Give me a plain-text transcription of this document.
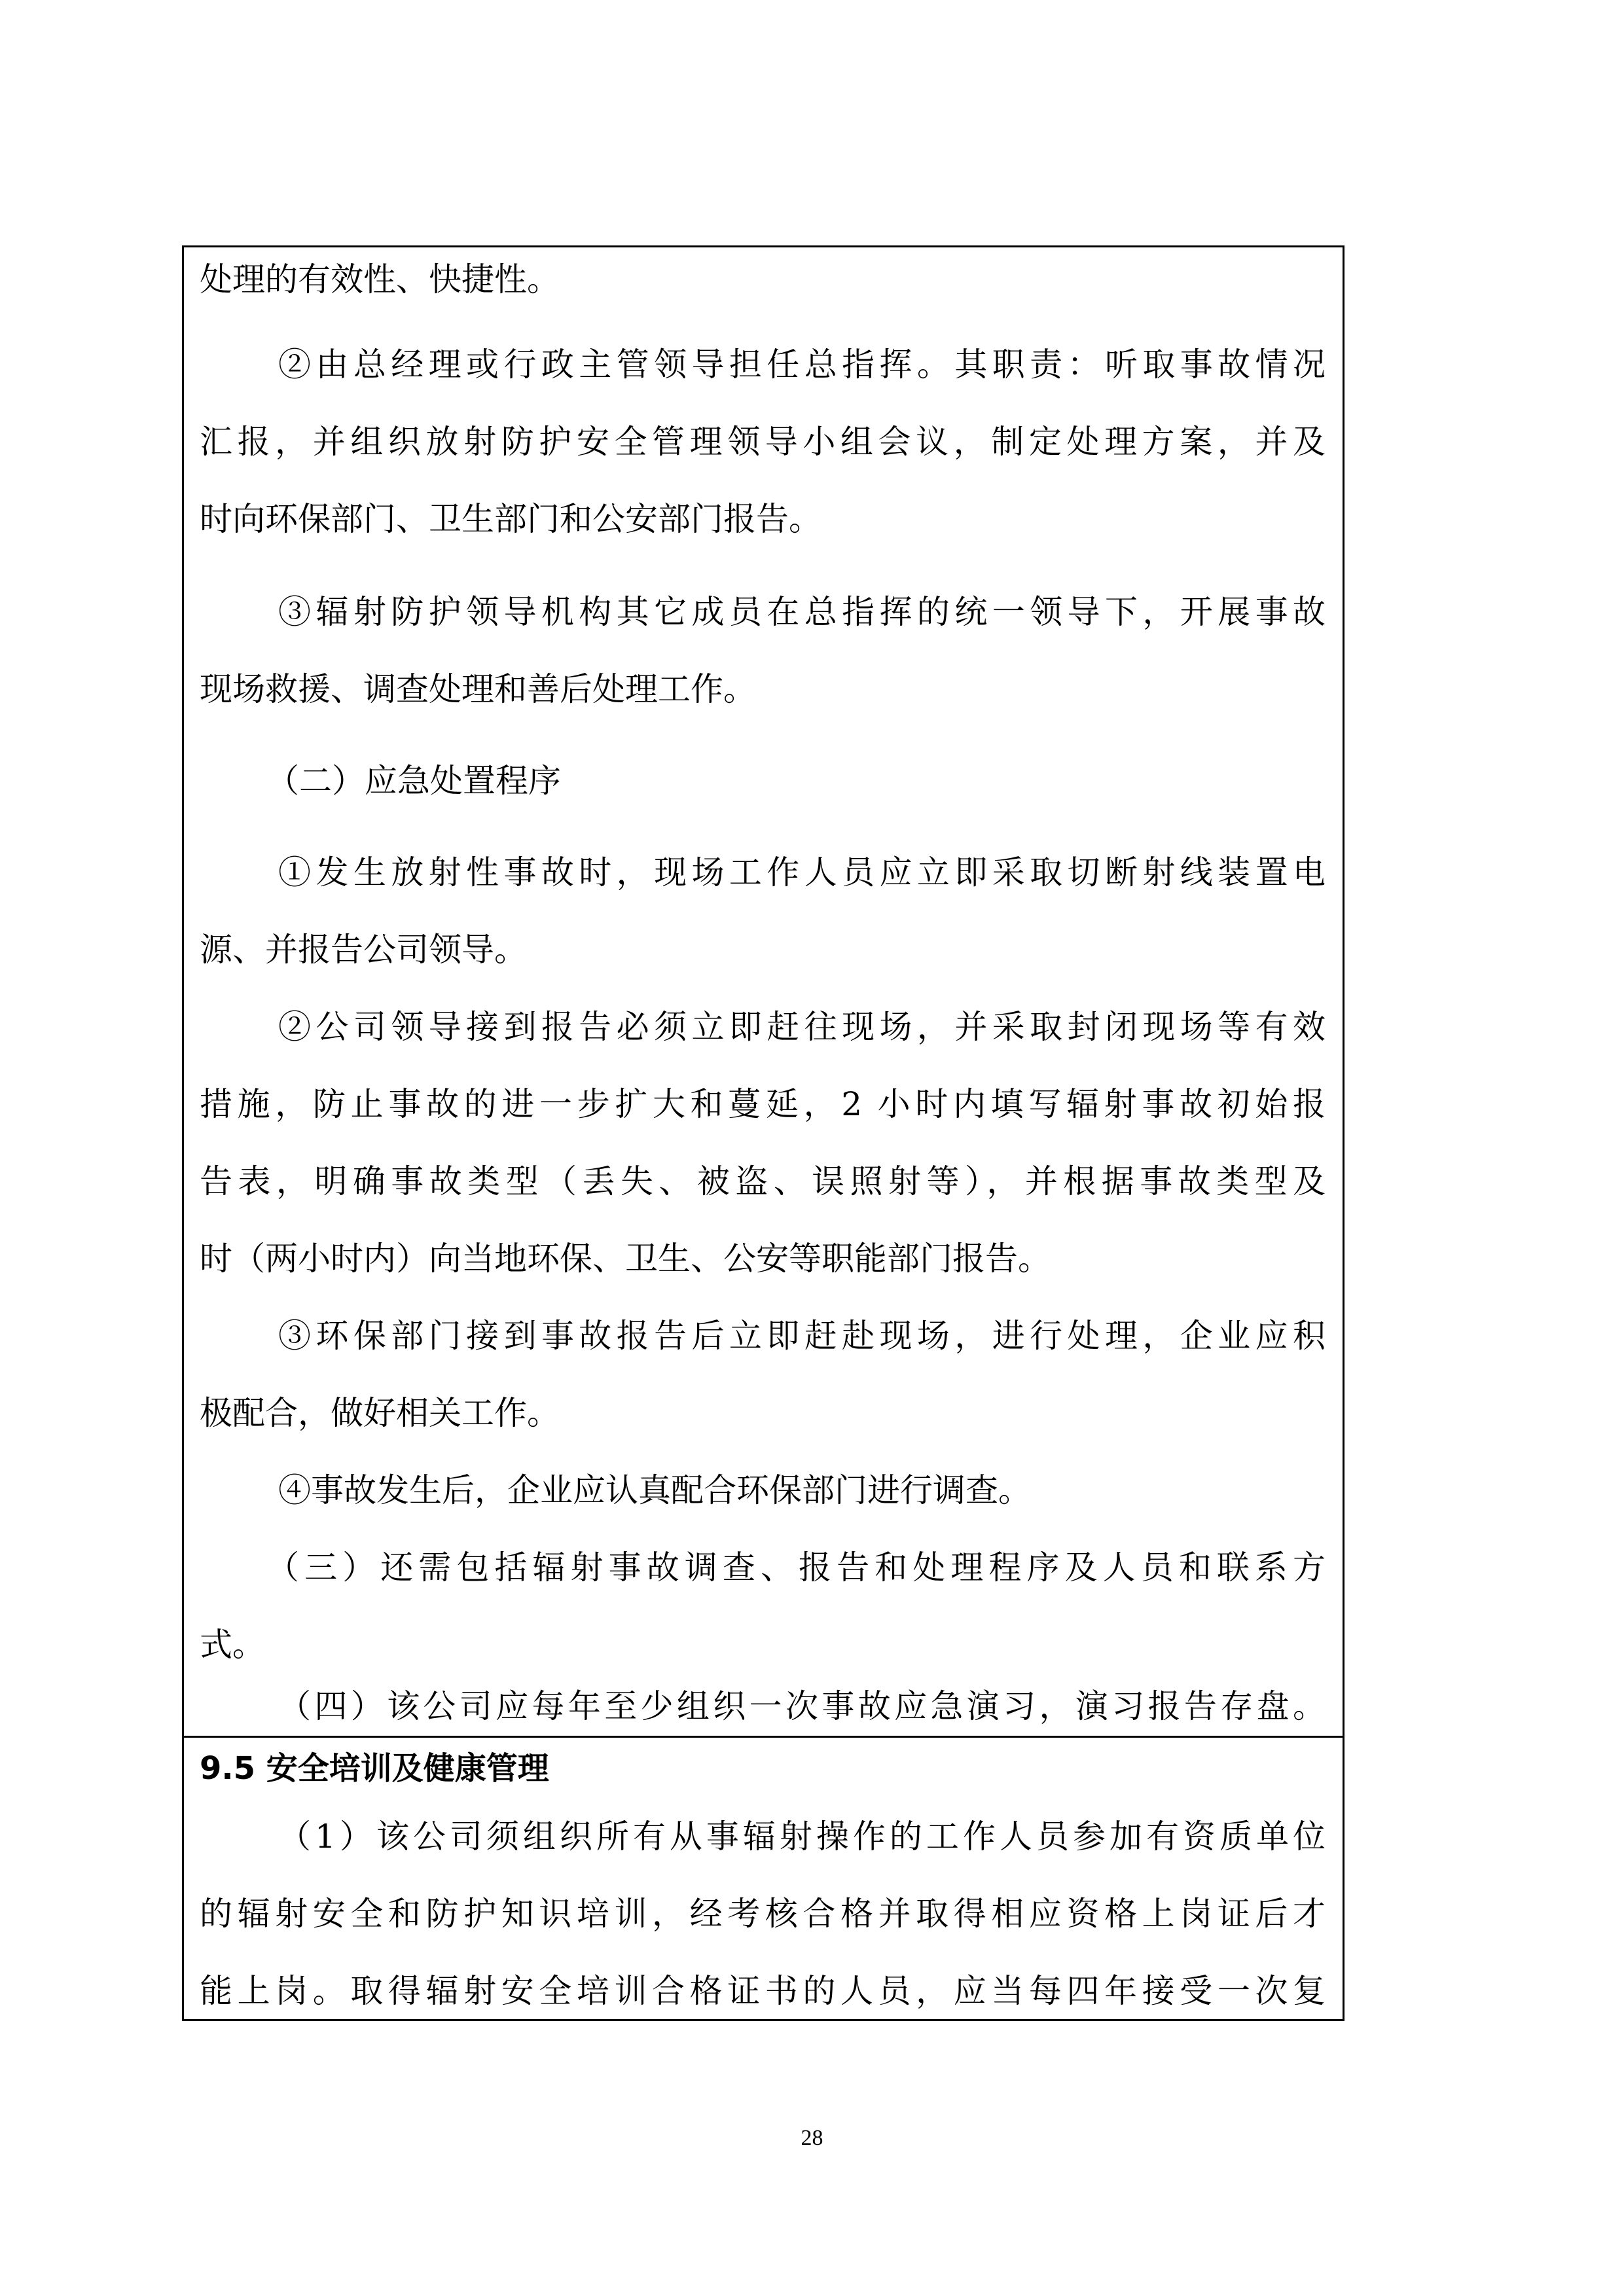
处理的有效性、快捷性。

②由总经理或行政主管领导担任总指挥。其职责：听取事故情况

汇报，并组织放射防护安全管理领导小组会议，制定处理方案，并及

时向环保部门、卫生部门和公安部门报告。

③辐射防护领导机构其它成员在总指挥的统一领导下，开展事故

现场救援、调查处理和善后处理工作。

（二）应急处置程序

①发生放射性事故时，现场工作人员应立即采取切断射线装置电

源、并报告公司领导。

②公司领导接到报告必须立即赶往现场，并采取封闭现场等有效

措施，防止事故的进一步扩大和蔓延，2 小时内填写辐射事故初始报

告表，明确事故类型（丢失、被盗、误照射等），并根据事故类型及

时（两小时内）向当地环保、卫生、公安等职能部门报告。

③环保部门接到事故报告后立即赶赴现场，进行处理，企业应积

极配合，做好相关工作。

④事故发生后，企业应认真配合环保部门进行调查。

（三）还需包括辐射事故调查、报告和处理程序及人员和联系方

式。

（四）该公司应每年至少组织一次事故应急演习，演习报告存盘。

9.5 安全培训及健康管理

（1）该公司须组织所有从事辐射操作的工作人员参加有资质单位

的辐射安全和防护知识培训，经考核合格并取得相应资格上岗证后才

能上岗。取得辐射安全培训合格证书的人员，应当每四年接受一次复

28
